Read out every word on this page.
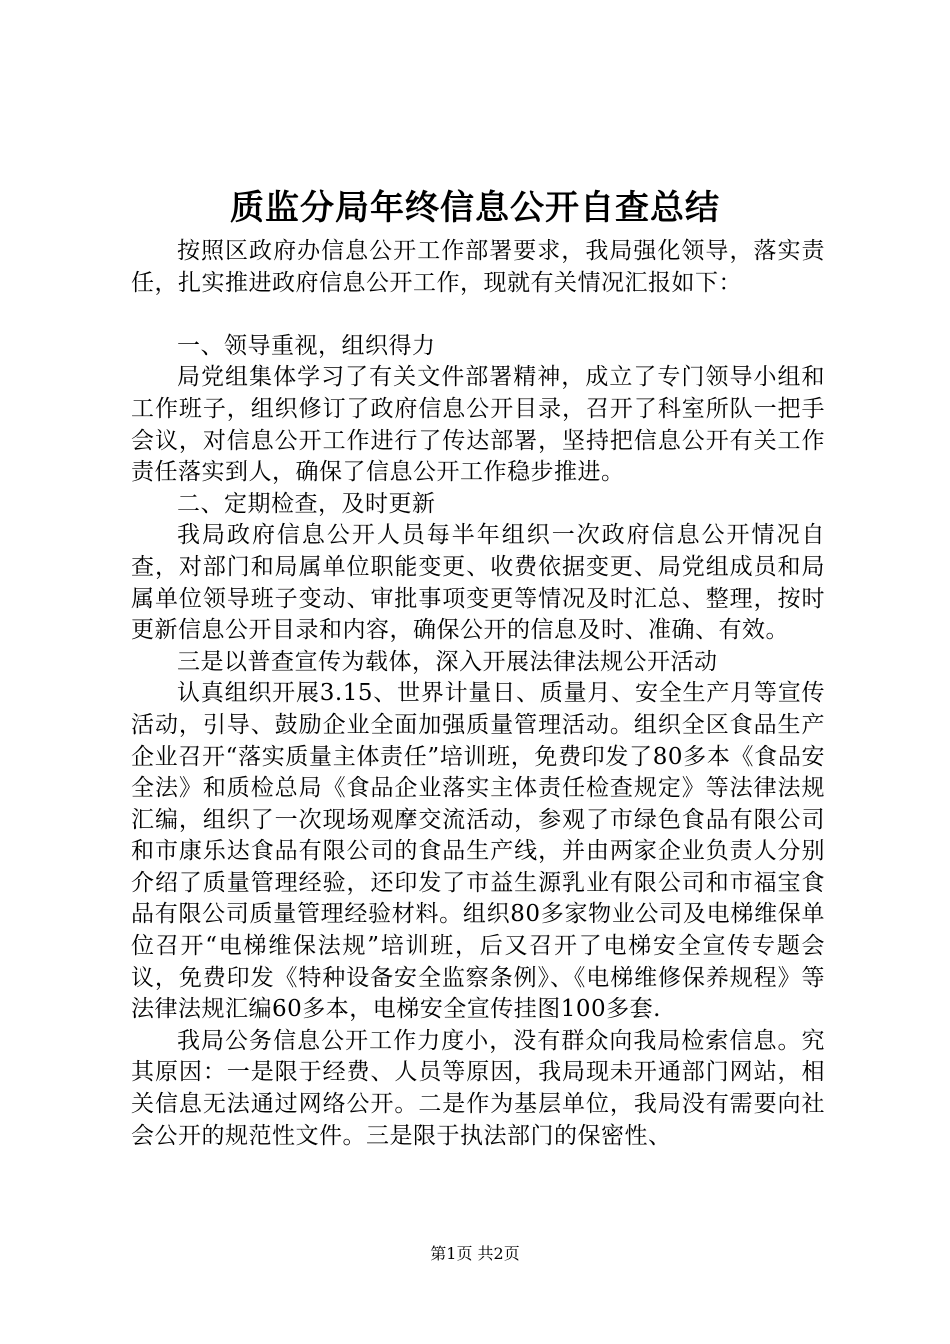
质监分局年终信息公开自查总结

按照区政府办信息公开工作部署要求，我局强化领导，落实责任，扎实推进政府信息公开工作，现就有关情况汇报如下：

一、领导重视，组织得力

局党组集体学习了有关文件部署精神，成立了专门领导小组和工作班子，组织修订了政府信息公开目录，召开了科室所队一把手会议，对信息公开工作进行了传达部署，坚持把信息公开有关工作责任落实到人，确保了信息公开工作稳步推进。

二、定期检查，及时更新

我局政府信息公开人员每半年组织一次政府信息公开情况自查，对部门和局属单位职能变更、收费依据变更、局党组成员和局属单位领导班子变动、审批事项变更等情况及时汇总、整理，按时更新信息公开目录和内容，确保公开的信息及时、准确、有效。

三是以普查宣传为载体，深入开展法律法规公开活动

认真组织开展3.15、世界计量日、质量月、安全生产月等宣传活动，引导、鼓励企业全面加强质量管理活动。组织全区食品生产企业召开“落实质量主体责任”培训班，免费印发了80多本《食品安全法》和质检总局《食品企业落实主体责任检查规定》等法律法规汇编，组织了一次现场观摩交流活动，参观了市绿色食品有限公司和市康乐达食品有限公司的食品生产线，并由两家企业负责人分别介绍了质量管理经验，还印发了市益生源乳业有限公司和市福宝食品有限公司质量管理经验材料。组织80多家物业公司及电梯维保单位召开“电梯维保法规”培训班，后又召开了电梯安全宣传专题会议，免费印发《特种设备安全监察条例》、《电梯维修保养规程》等法律法规汇编60多本，电梯安全宣传挂图100多套.

我局公务信息公开工作力度小，没有群众向我局检索信息。究其原因：一是限于经费、人员等原因，我局现未开通部门网站，相关信息无法通过网络公开。二是作为基层单位，我局没有需要向社会公开的规范性文件。三是限于执法部门的保密性、

第1页 共2页
